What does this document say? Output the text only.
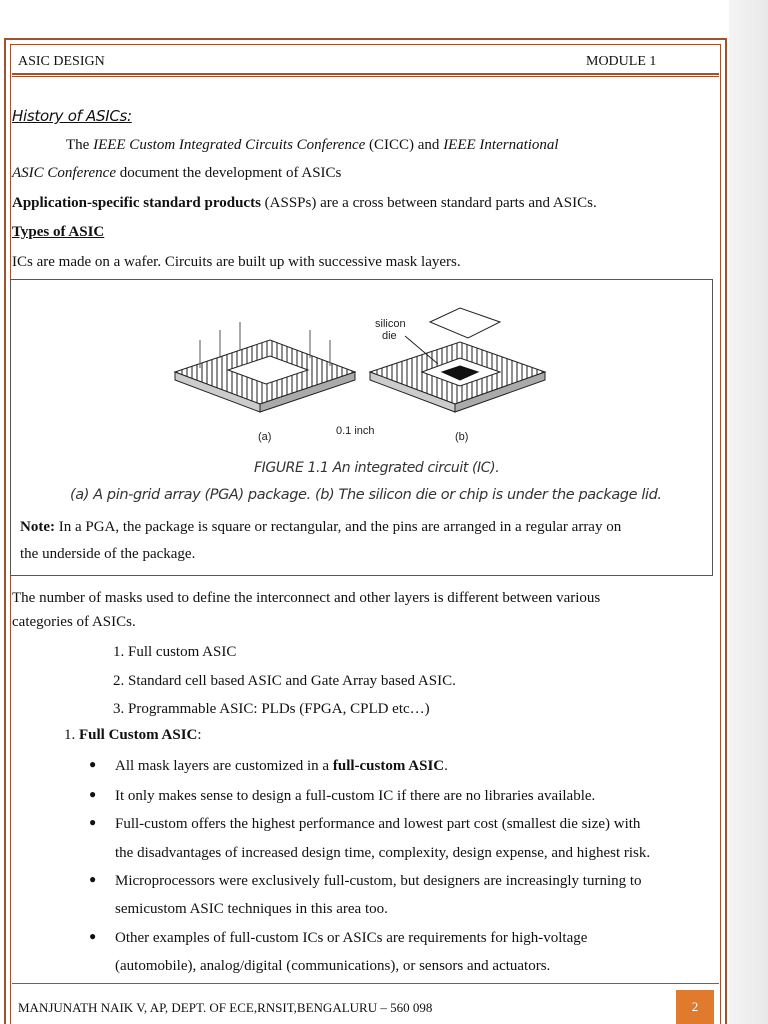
ASIC DESIGN	MODULE 1
History of ASICs:
The IEEE Custom Integrated Circuits Conference (CICC) and IEEE International
ASIC Conference document the development of ASICs
Application-specific standard products (ASSPs) are a cross between standard parts and ASICs.
Types of ASIC
ICs are made on a wafer. Circuits are built up with successive mask layers.
silicon
die
(a)	0.1 inch	(b)
FIGURE 1.1 An integrated circuit (IC).
(a) A pin-grid array (PGA) package. (b) The silicon die or chip is under the package lid.
Note: In a PGA, the package is square or rectangular, and the pins are arranged in a regular array on
the underside of the package.
The number of masks used to define the interconnect and other layers is different between various
categories of ASICs.
1. Full custom ASIC
2. Standard cell based ASIC and Gate Array based ASIC.
3. Programmable ASIC: PLDs (FPGA, CPLD etc…)
1. Full Custom ASIC:
● All mask layers are customized in a full-custom ASIC.
● It only makes sense to design a full-custom IC if there are no libraries available.
● Full-custom offers the highest performance and lowest part cost (smallest die size) with
the disadvantages of increased design time, complexity, design expense, and highest risk.
● Microprocessors were exclusively full-custom, but designers are increasingly turning to
semicustom ASIC techniques in this area too.
● Other examples of full-custom ICs or ASICs are requirements for high-voltage
(automobile), analog/digital (communications), or sensors and actuators.
MANJUNATH NAIK V, AP, DEPT. OF ECE,RNSIT,BENGALURU – 560 098	2
